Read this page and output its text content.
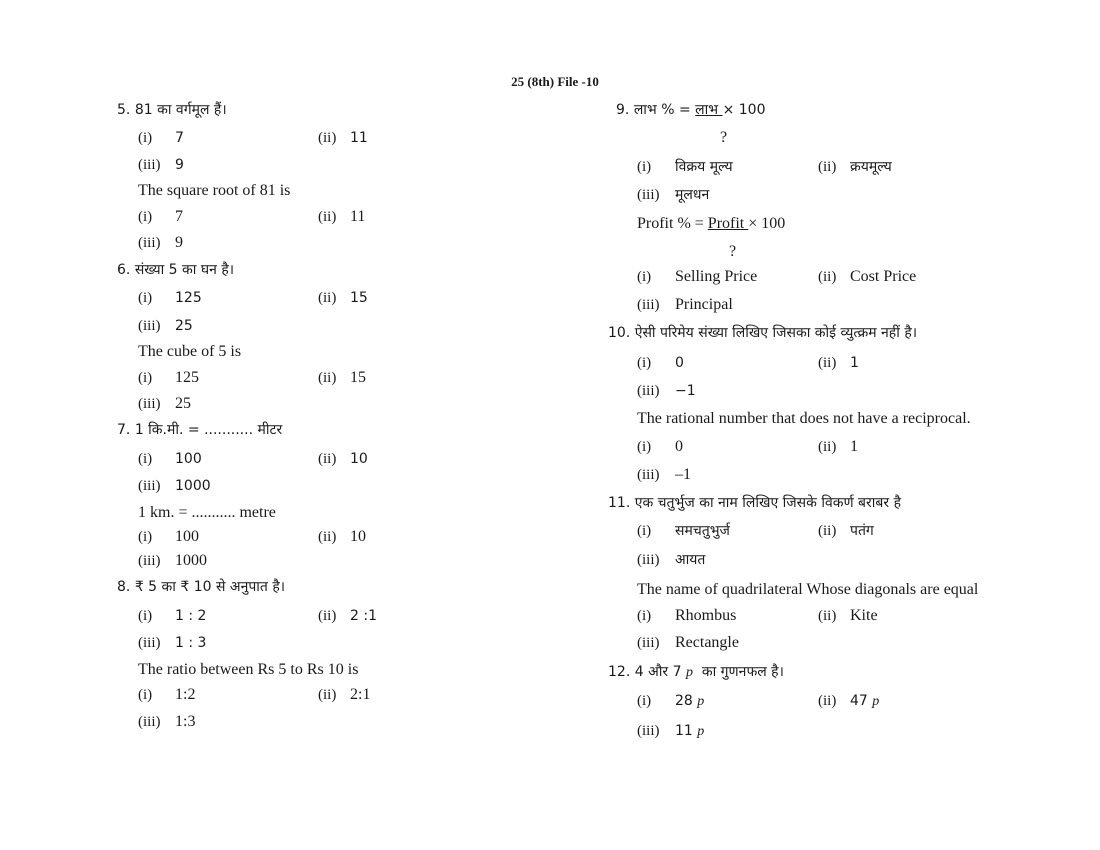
25 (8th) File -10
5. 81 का वर्गमूल हैं।
(i) 7	(ii) 11
(iii) 9
The square root of 81 is
(i) 7	(ii) 11
(iii) 9
6. संख्या 5 का घन है।
(i) 125	(ii) 15
(iii) 25
The cube of 5 is
(i) 125	(ii) 15
(iii) 25
7. 1 कि.मी. = ........... मीटर
(i) 100	(ii) 10
(iii) 1000
1 km. = ........... metre
(i) 100	(ii) 10
(iii) 1000
8. ₹ 5 का ₹ 10 से अनुपात है।
(i) 1 : 2	(ii) 2 :1
(iii) 1 : 3
The ratio between Rs 5 to Rs 10 is
(i) 1:2	(ii) 2:1
(iii) 1:3
9. लाभ % = लाभ × 100
?
(i) विक्रय मूल्य	(ii) क्रयमूल्य
(iii) मूलधन
Profit % = Profit × 100
?
(i) Selling Price	(ii) Cost Price
(iii) Principal
10. ऐसी परिमेय संख्या लिखिए जिसका कोई व्युत्क्रम नहीं है।
(i) 0	(ii) 1
(iii) −1
The rational number that does not have a reciprocal.
(i) 0	(ii) 1
(iii) –1
11. एक चतुर्भुज का नाम लिखिए जिसके विकर्ण बराबर है
(i) समचतुभुर्ज	(ii) पतंग
(iii) आयत
The name of quadrilateral Whose diagonals are equal
(i) Rhombus	(ii) Kite
(iii) Rectangle
12. 4 और 7 p का गुणनफल है।
(i) 28 p	(ii) 47 p
(iii) 11 p
